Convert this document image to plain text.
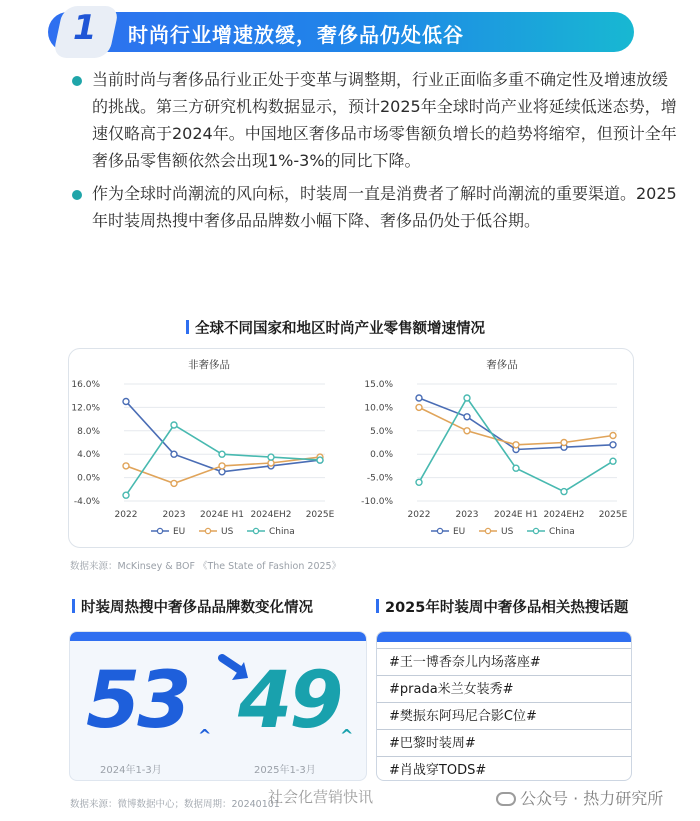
1 时尚行业增速放缓，奢侈品仍处低谷
当前时尚与奢侈品行业正处于变革与调整期，行业正面临多重不确定性及增速放缓的挑战。第三方研究机构数据显示，预计2025年全球时尚产业将延续低迷态势，增速仅略高于2024年。中国地区奢侈品市场零售额负增长的趋势将缩窄，但预计全年奢侈品零售额依然会出现1%-3%的同比下降。
作为全球时尚潮流的风向标，时装周一直是消费者了解时尚潮流的重要渠道。2025年时装周热搜中奢侈品品牌数小幅下降、奢侈品仍处于低谷期。
全球不同国家和地区时尚产业零售额增速情况
非奢侈品
16.0%
12.0%
8.0%
4.0%
0.0%
-4.0%
2022	2023 2024E H1 2024EH2 2025E
EU	US	China
奢侈品
15.0%
10.0%
5.0%
0.0%
-5.0%
-10.0%
2022	2023 2024E H1 2024EH2 2025E
EU	US	China
数据来源：McKinsey & BOF 《The State of Fashion 2025》
时装周热搜中奢侈品品牌数变化情况
53 ^ 49 ^
2024年1-3月	2025年1-3月
2025年时装周中奢侈品相关热搜话题
#王一博香奈儿内场落座#
#prada米兰女装秀#
#樊振东阿玛尼合影C位#
#巴黎时装周#
#肖战穿TODS#
数据来源：微博数据中心；数据周期：20240101
社会化营销快讯	公众号 · 热力研究所
